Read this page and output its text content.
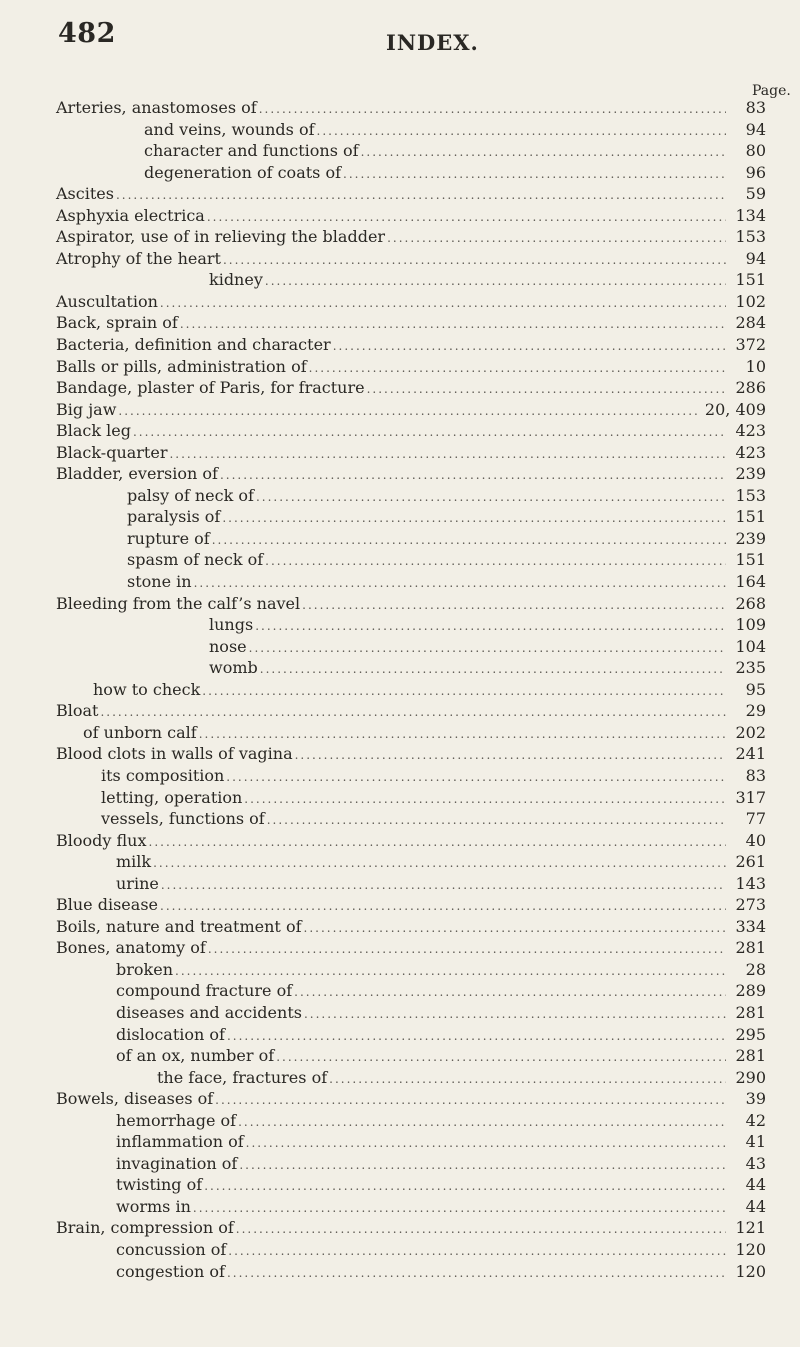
482	INDEX.
Page.
Arteries, anastomoses of .....	83
and veins, wounds of .....	94
character and functions of .....	80
degeneration of coats of .....	96
Ascites .....	59
Asphyxia electrica .....	134
Aspirator, use of in relieving the bladder .....	153
Atrophy of the heart .....	94
kidney .....	151
Auscultation .....	102
Back, sprain of .....	284
Bacteria, definition and character .....	372
Balls or pills, administration of .....	10
Bandage, plaster of Paris, for fracture .....	286
Big jaw .....	20, 409
Black leg .....	423
Black-quarter .....	423
Bladder, eversion of .....	239
palsy of neck of .....	153
paralysis of .....	151
rupture of .....	239
spasm of neck of .....	151
stone in .....	164
Bleeding from the calf’s navel .....	268
lungs .....	109
nose .....	104
womb .....	235
how to check .....	95
Bloat .....	29
of unborn calf .....	202
Blood clots in walls of vagina .....	241
its composition .....	83
letting, operation .....	317
vessels, functions of .....	77
Bloody flux .....	40
milk .....	261
urine .....	143
Blue disease .....	273
Boils, nature and treatment of .....	334
Bones, anatomy of .....	281
broken .....	28
compound fracture of .....	289
diseases and accidents .....	281
dislocation of .....	295
of an ox, number of .....	281
the face, fractures of .....	290
Bowels, diseases of .....	39
hemorrhage of .....	42
inflammation of .....	41
invagination of .....	43
twisting of .....	44
worms in .....	44
Brain, compression of .....	121
concussion of .....	120
congestion of .....	120
